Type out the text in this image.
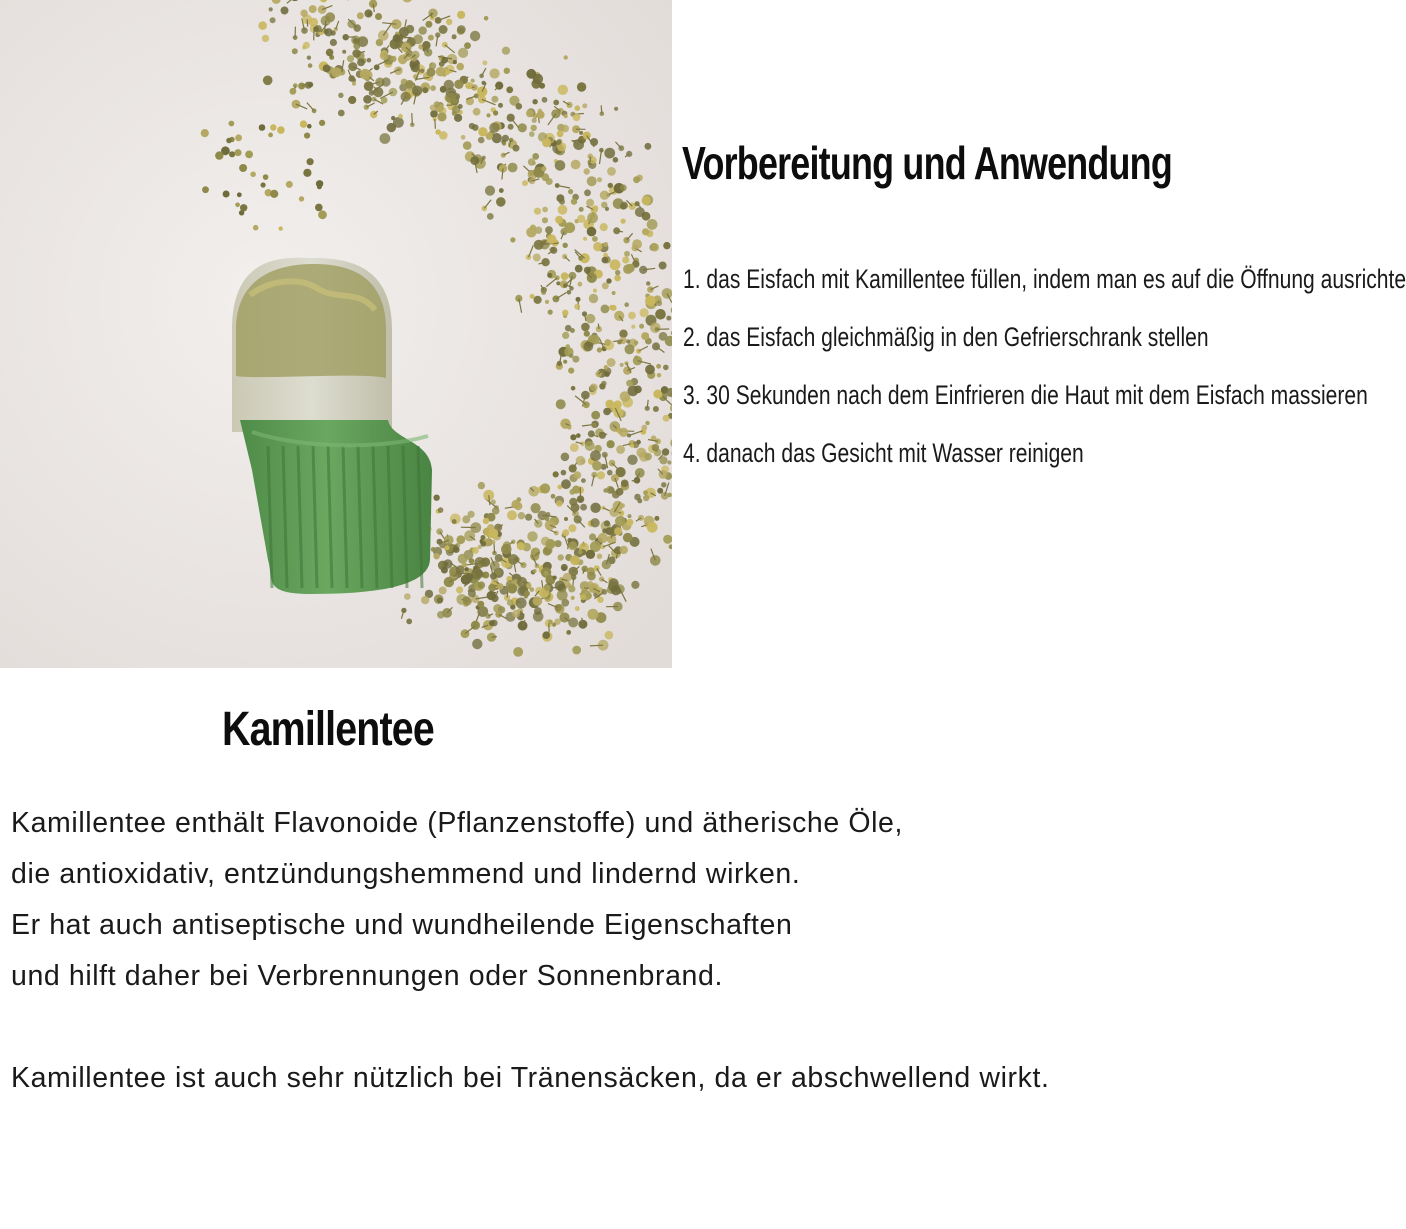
Vorbereitung und Anwendung
1. das Eisfach mit Kamillentee füllen, indem man es auf die Öffnung ausrichte
2. das Eisfach gleichmäßig in den Gefrierschrank stellen
3. 30 Sekunden nach dem Einfrieren die Haut mit dem Eisfach massieren
4. danach das Gesicht mit Wasser reinigen
Kamillentee
Kamillentee enthält Flavonoide (Pflanzenstoffe) und ätherische Öle,
die antioxidativ, entzündungshemmend und lindernd wirken.
Er hat auch antiseptische und wundheilende Eigenschaften
und hilft daher bei Verbrennungen oder Sonnenbrand.
Kamillentee ist auch sehr nützlich bei Tränensäcken, da er abschwellend wirkt.
